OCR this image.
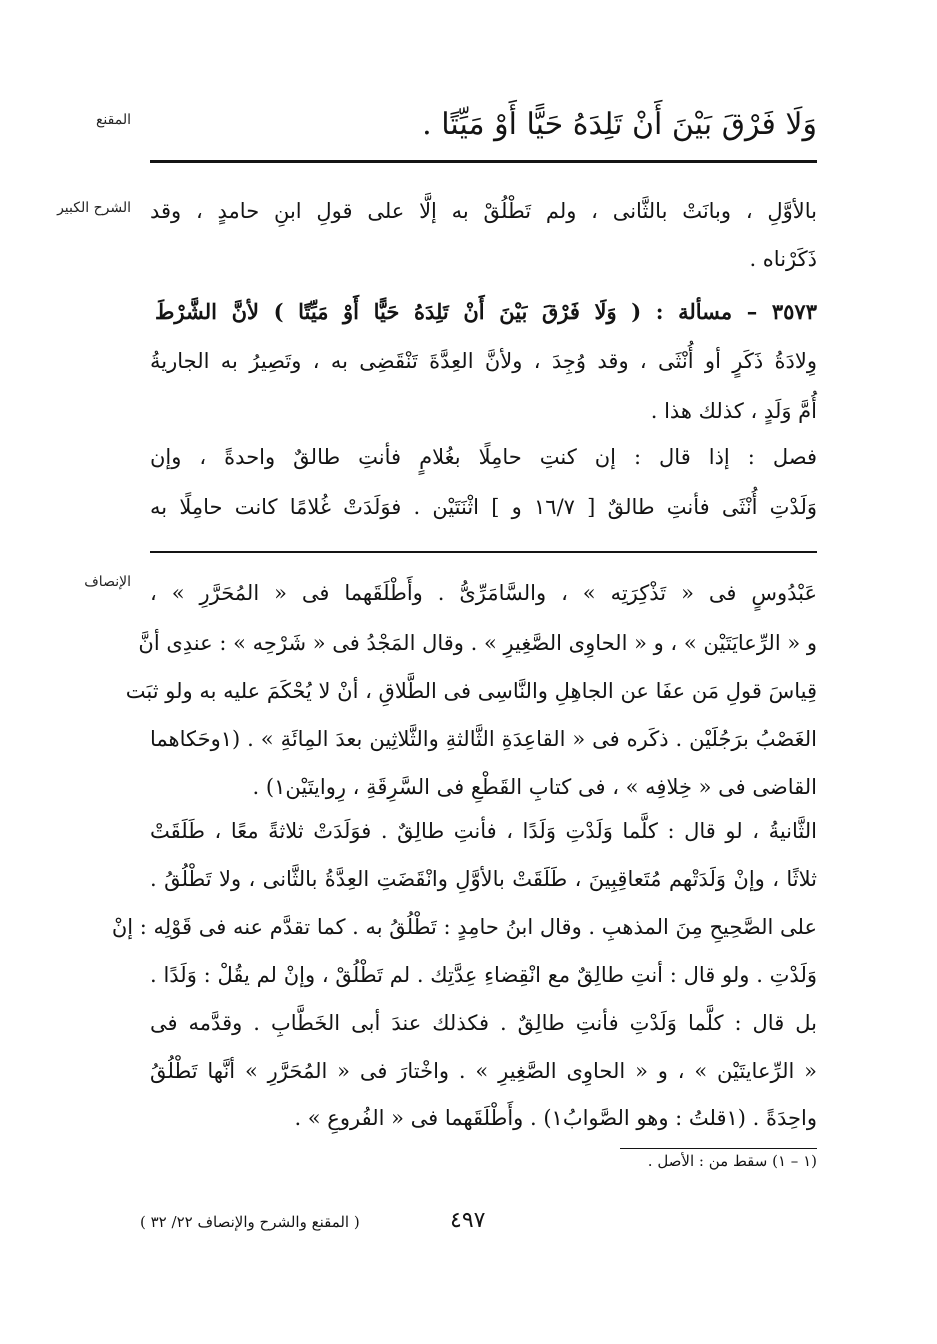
المقنع	وَلَا فَرْقَ بَيْنَ أَنْ تَلِدَهُ حَيًّا أَوْ مَيِّتًا .
الشرح الكبير بالأوَّلِ ، وبانَتْ بالثَّانى ، ولم تَطْلُقْ به إلَّا على قولِ ابنِ حامدٍ ، وقد
ذَكَرْناه .
٣٥٧٣ – مسألة : ( وَلَا فَرْقَ بَيْنَ أَنْ تَلِدَهُ حَيًّا أَوْ مَيِّتًا ) لأنَّ الشَّرْطَ
وِلادَةُ ذَكَرٍ أو أُنْثَى ، وقد وُجِدَ ، ولأنَّ العِدَّةَ تَنْقَضِى به ، وتَصِيرُ به الجاريةُ
أُمَّ وَلَدٍ ، كذلك هذا .
فصل : إذا قال : إن كنتِ حامِلًا بغُلامٍ فأنتِ طالقٌ واحدةً ، وإن
وَلَدْتِ أُنْثَى فأنتِ طالقٌ [ ١٦/٧ و ] اثْنَتَيْن . فوَلَدَتْ غُلامًا كانت حامِلًا به
الإنصاف عَبْدُوسٍ فى « تَذْكِرَتِه » ، والسَّامَرِّىُّ . وأَطْلَقَهما فى « المُحَرَّرِ » ،
و « الرِّعايَتَيْن » ، و « الحاوِى الصَّغِيرِ » . وقال المَجْدُ فى « شَرْحِه » : عندِى أنَّ
قِياسَ قولِ مَن عفَا عن الجاهِلِ والنَّاسِى فى الطَّلاقِ ، أنْ لا يُحْكَمَ عليه به ولو ثبَت
الغَصْبُ برَجُلَيْن . ذكَره فى « القاعِدَةِ الثَّالثةِ والثَّلاثِين بعدَ المِائَةِ » . (١وحَكاهما
القاضى فى « خِلافِه » ، فى كتابِ القَطْعِ فى السَّرِقَةِ ، رِوايتَيْن١) .
الثَّانيةُ ، لو قال : كلَّما وَلَدْتِ وَلَدًا ، فأنتِ طالِقٌ . فوَلَدَتْ ثلاثةً معًا ، طَلَقَتْ
ثلاثًا ، وإنْ وَلَدَتْهم مُتَعاقِبِينَ ، طَلَقَتْ بالأوَّلِ وانْقَضَتِ العِدَّةُ بالثَّانى ، ولا تَطْلُقُ .
على الصَّحِيحِ مِنَ المذهبِ . وقال ابنُ حامِدٍ : تَطْلُقُ به . كما تقدَّم عنه فى قَوْلِه : إنْ
وَلَدْتِ . ولو قال : أنتِ طالِقٌ مع انْقِضاءِ عِدَّتِك . لم تَطْلُقْ ، وإنْ لم يقُلْ : وَلَدًا .
بل قال : كلَّما وَلَدْتِ فأنتِ طالِقٌ . فكذلك عندَ أبى الخَطَّابِ . وقدَّمه فى
« الرِّعايتَيْن » ، و « الحاوِى الصَّغِيرِ » . واخْتارَ فى « المُحَرَّرِ » أنَّها تَطْلُقُ
واحِدَةً . (١قلتُ : وهو الصَّوابُ١) . وأَطْلَقَهما فى « الفُروعِ » .
(١ – ١) سقط من : الأصل .
٤٩٧
( المقنع والشرح والإنصاف ٢٢/ ٣٢ )
